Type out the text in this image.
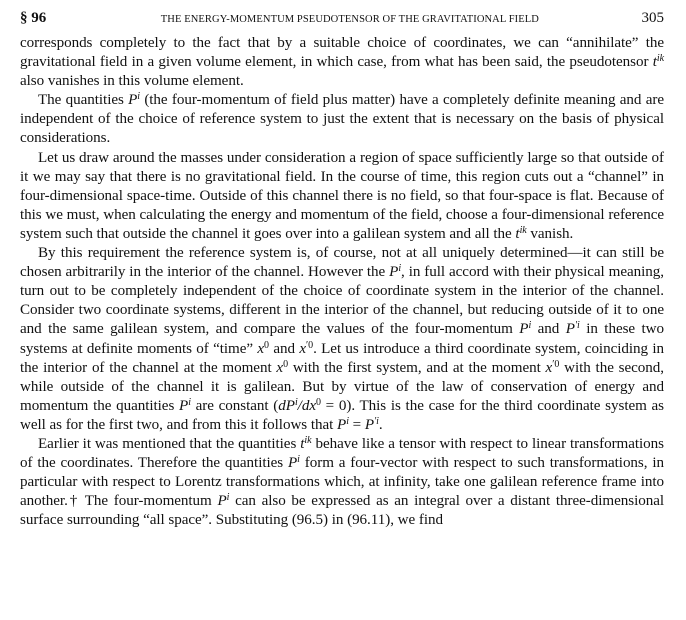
§ 96	THE ENERGY-MOMENTUM PSEUDOTENSOR OF THE GRAVITATIONAL FIELD	305

corresponds completely to the fact that by a suitable choice of coordinates, we can “annihilate” the gravitational field in a given volume element, in which case, from what has been said, the pseudotensor $t^{ik}$ also vanishes in this volume element.

The quantities $P^i$ (the four-momentum of field plus matter) have a completely definite meaning and are independent of the choice of reference system to just the extent that is necessary on the basis of physical considerations.

Let us draw around the masses under consideration a region of space sufficiently large so that outside of it we may say that there is no gravitational field. In the course of time, this region cuts out a “channel” in four-dimensional space-time. Outside of this channel there is no field, so that four-space is flat. Because of this we must, when calculating the energy and momentum of the field, choose a four-dimensional reference system such that outside the channel it goes over into a galilean system and all the $t^{ik}$ vanish.

By this requirement the reference system is, of course, not at all uniquely determined—it can still be chosen arbitrarily in the interior of the channel. However the $P^i$, in full accord with their physical meaning, turn out to be completely independent of the choice of coordinate system in the interior of the channel. Consider two coordinate systems, different in the interior of the channel, but reducing outside of it to one and the same galilean system, and compare the values of the four-momentum $P^i$ and $P^{'i}$ in these two systems at definite moments of “time” $x^0$ and $x^{'0}$. Let us introduce a third coordinate system, coinciding in the interior of the channel at the moment $x^0$ with the first system, and at the moment $x^{'0}$ with the second, while outside of the channel it is galilean. But by virtue of the law of conservation of energy and momentum the quantities $P^i$ are constant $(dP^i/dx^0 = 0)$. This is the case for the third coordinate system as well as for the first two, and from this it follows that $P^i = P^{'i}$.

Earlier it was mentioned that the quantities $t^{ik}$ behave like a tensor with respect to linear transformations of the coordinates. Therefore the quantities $P^i$ form a four-vector with respect to such transformations, in particular with respect to Lorentz transformations which, at infinity, take one galilean reference frame into another.† The four-momentum $P^i$ can also be expressed as an integral over a distant three-dimensional surface surrounding “all space”. Substituting (96.5) in (96.11), we find
